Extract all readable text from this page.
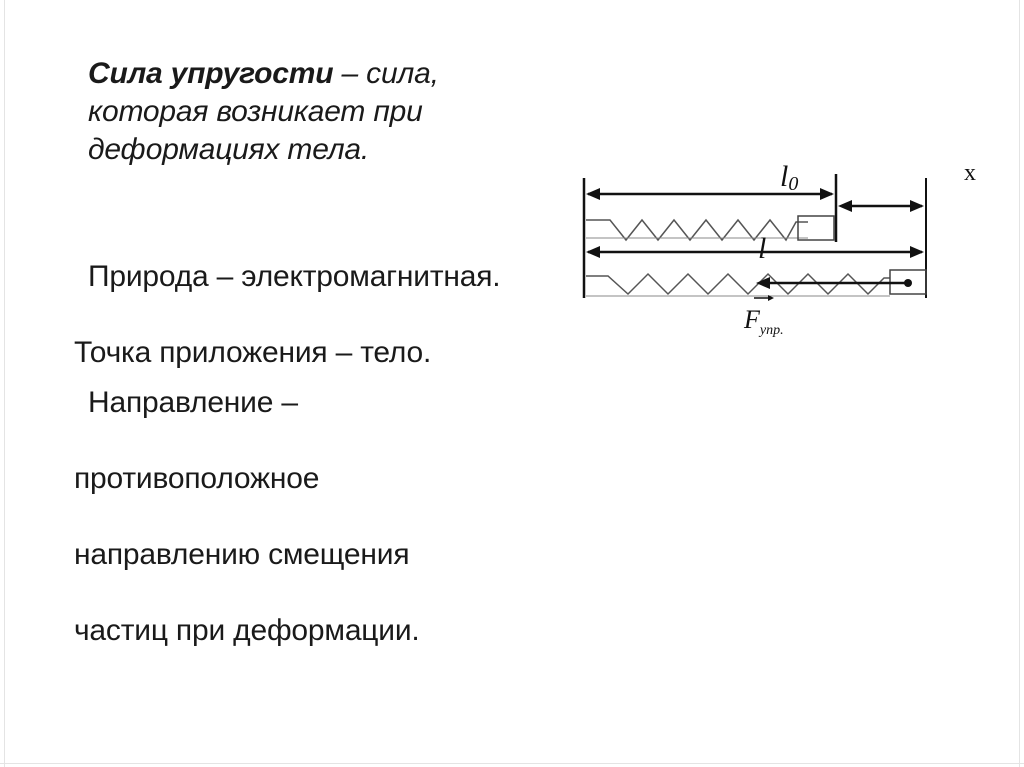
Сила упругости – сила,
которая возникает при
деформациях тела.

Природа – электромагнитная.

Точка приложения – тело.

Направление –

противоположное

направлению смещения

частиц при деформации.

l0
l
$F_{упр.}$
x
